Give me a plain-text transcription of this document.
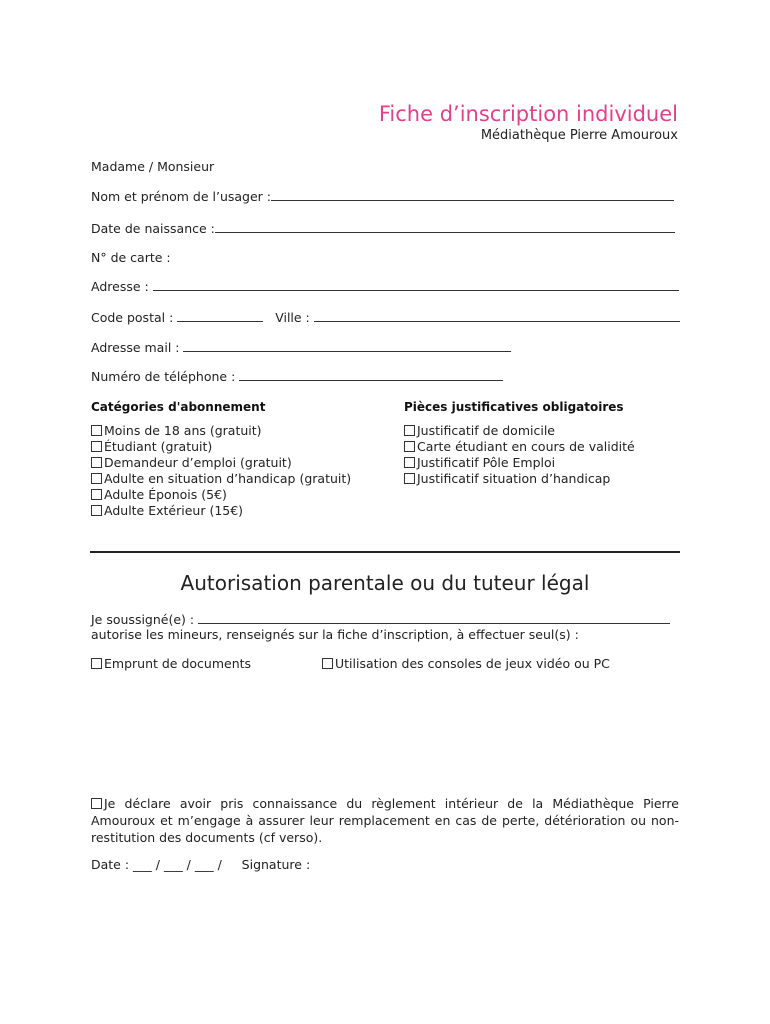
Fiche d’inscription individuel
Médiathèque Pierre Amouroux
Madame / Monsieur
Nom et prénom de l’usager :
Date de naissance :
N° de carte :
Adresse :
Code postal :	Ville :
Adresse mail :
Numéro de téléphone :
Catégories d'abonnement
Moins de 18 ans (gratuit)
Étudiant (gratuit)
Demandeur d’emploi (gratuit)
Adulte en situation d’handicap (gratuit)
Adulte Éponois (5€)
Adulte Extérieur (15€)
Pièces justificatives obligatoires
Justificatif de domicile
Carte étudiant en cours de validité
Justificatif Pôle Emploi
Justificatif situation d’handicap
Autorisation parentale ou du tuteur légal
Je soussigné(e) :
autorise les mineurs, renseignés sur la fiche d’inscription, à effectuer seul(s) :
Emprunt de documents	Utilisation des consoles de jeux vidéo ou PC
Je déclare avoir pris connaissance du règlement intérieur de la Médiathèque Pierre Amouroux et m’engage à assurer leur remplacement en cas de perte, détérioration ou non-restitution des documents (cf verso).
Date : ___ / ___ / ___ / Signature :
